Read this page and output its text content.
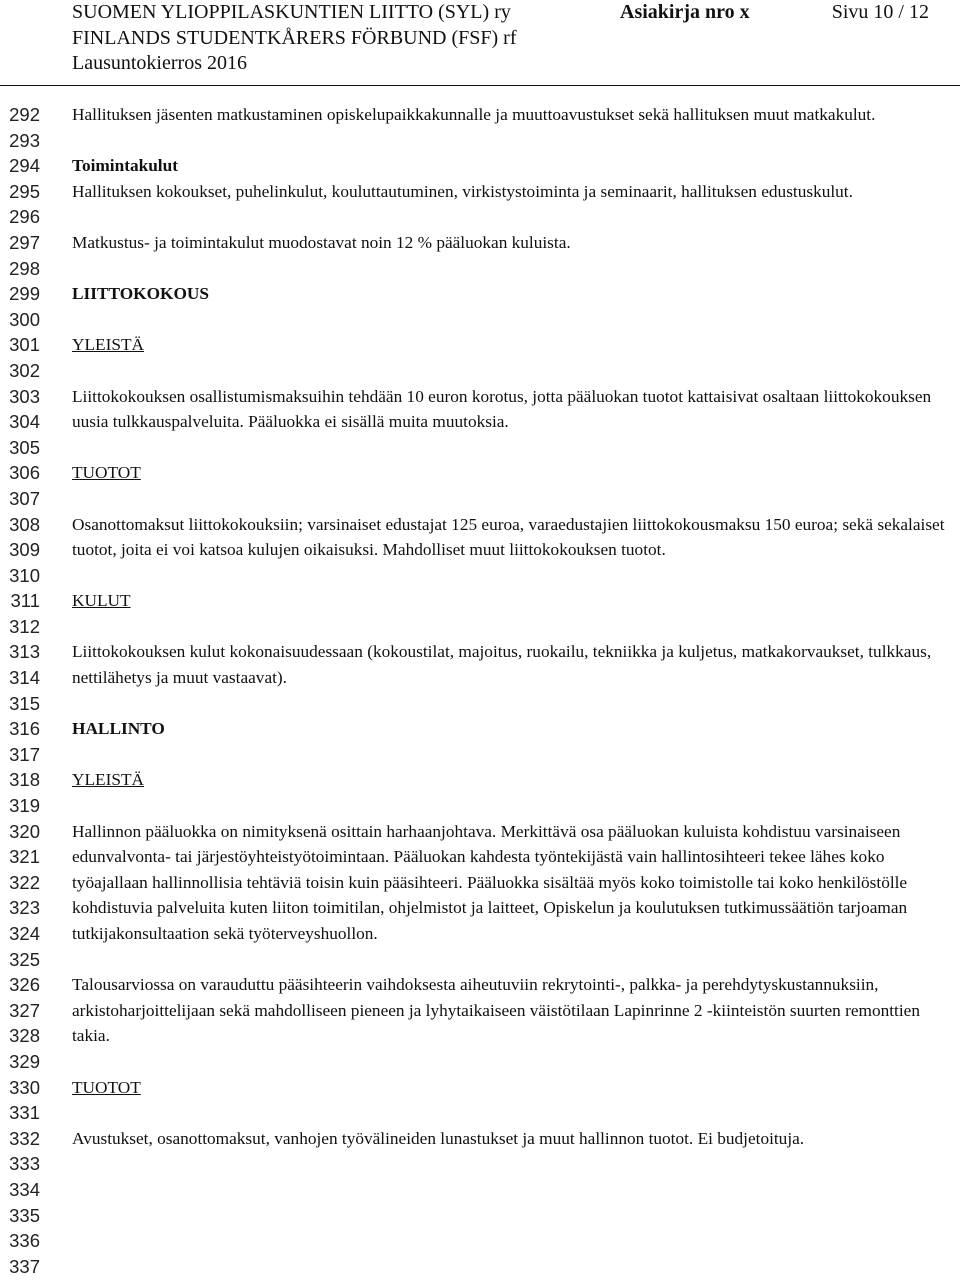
SUOMEN YLIOPPILASKUNTIEN LIITTO (SYL) ry	Asiakirja nro x	Sivu 10 / 12
FINLANDS STUDENTKÅRERS FÖRBUND (FSF) rf
Lausuntokierros 2016
292
293
294
295
296
297
298
299
300
301
302
303
304
305
306
307
308
309
310
311
312
313
314
315
316
317
318
319
320
321
322
323
324
325
326
327
328
329
330
331
332
333
334
335
336
337

Hallituksen jäsenten matkustaminen opiskelupaikkakunnalle ja muuttoavustukset sekä hallituksen muut matkakulut.

Toimintakulut

Hallituksen kokoukset, puhelinkulut, kouluttautuminen, virkistystoiminta ja seminaarit, hallituksen edustuskulut.

Matkustus- ja toimintakulut muodostavat noin 12 % pääluokan kuluista.

LIITTOKOKOUS

YLEISTÄ

Liittokokouksen osallistumismaksuihin tehdään 10 euron korotus, jotta pääluokan tuotot kattaisivat osaltaan liittokokouksen uusia tulkkauspalveluita. Pääluokka ei sisällä muita muutoksia.

TUOTOT

Osanottomaksut liittokokouksiin; varsinaiset edustajat 125 euroa, varaedustajien liittokokousmaksu 150 euroa; sekä sekalaiset tuotot, joita ei voi katsoa kulujen oikaisuksi. Mahdolliset muut liittokokouksen tuotot.

KULUT

Liittokokouksen kulut kokonaisuudessaan (kokoustilat, majoitus, ruokailu, tekniikka ja kuljetus, matkakorvaukset, tulkkaus, nettilähetys ja muut vastaavat).

HALLINTO

YLEISTÄ

Hallinnon pääluokka on nimityksenä osittain harhaanjohtava. Merkittävä osa pääluokan kuluista kohdistuu varsinaiseen edunvalvonta- tai järjestöyhteistyötoimintaan. Pääluokan kahdesta työntekijästä vain hallintosihteeri tekee lähes koko työajallaan hallinnollisia tehtäviä toisin kuin pääsihteeri. Pääluokka sisältää myös koko toimistolle tai koko henkilöstölle kohdistuvia palveluita kuten liiton toimitilan, ohjelmistot ja laitteet, Opiskelun ja koulutuksen tutkimussäätiön tarjoaman tutkijakonsultaation sekä työterveyshuollon.

Talousarviossa on varauduttu pääsihteerin vaihdoksesta aiheutuviin rekrytointi-, palkka- ja perehdytyskustannuksiin, arkistoharjoittelijaan sekä mahdolliseen pieneen ja lyhytaikaiseen väistötilaan Lapinrinne 2 -kiinteistön suurten remonttien takia.

TUOTOT

Avustukset, osanottomaksut, vanhojen työvälineiden lunastukset ja muut hallinnon tuotot. Ei budjetoituja.
